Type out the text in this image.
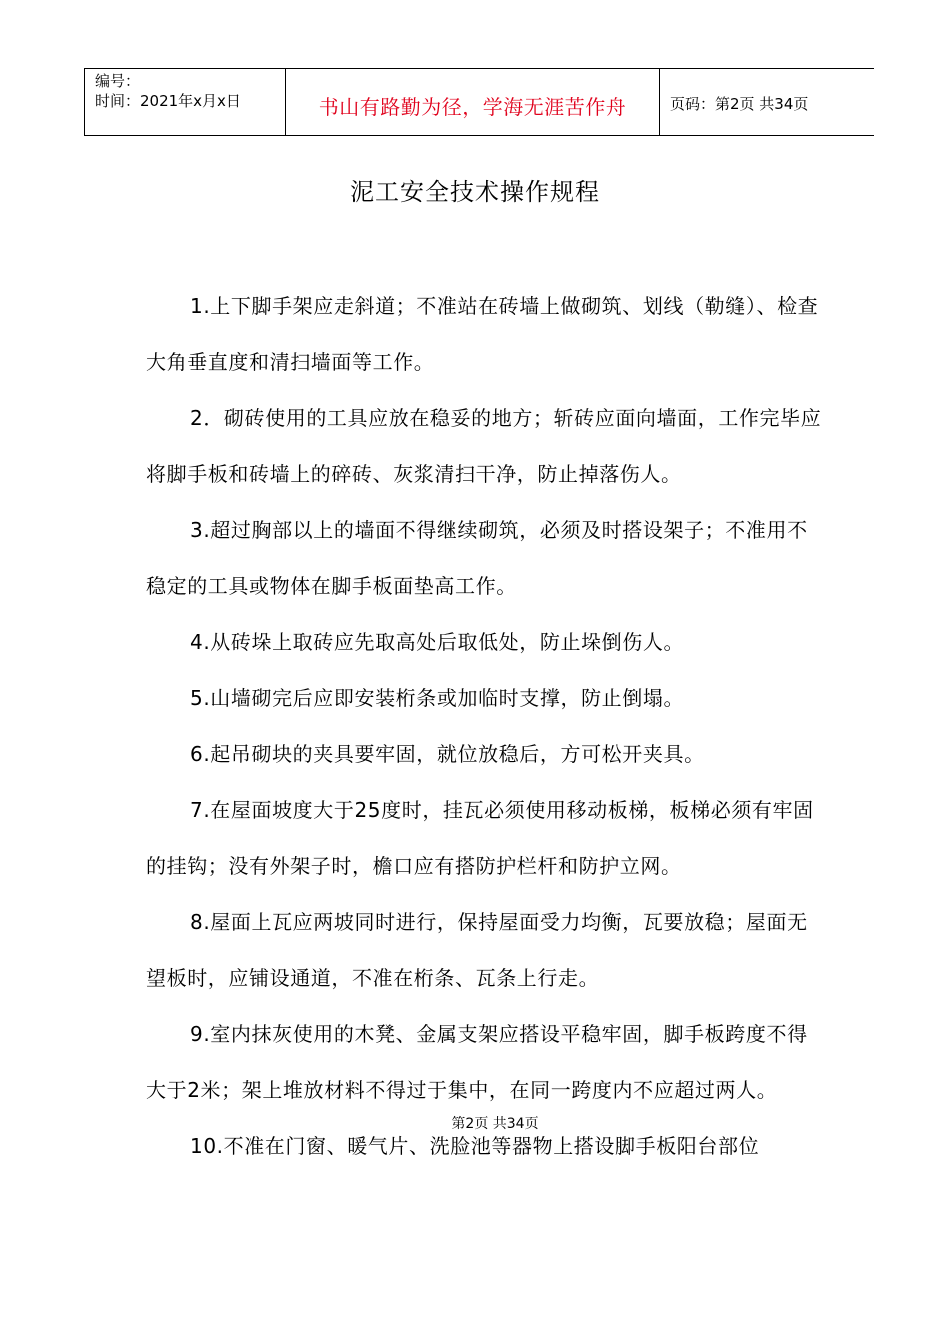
编号：
时间：2021年x月x日	书山有路勤为径，学海无涯苦作舟	页码：第2页 共34页
泥工安全技术操作规程

1.上下脚手架应走斜道；不准站在砖墙上做砌筑、划线（勒缝）、检查大角垂直度和清扫墙面等工作。

2．砌砖使用的工具应放在稳妥的地方；斩砖应面向墙面，工作完毕应将脚手板和砖墙上的碎砖、灰浆清扫干净，防止掉落伤人。

3.超过胸部以上的墙面不得继续砌筑，必须及时搭设架子；不准用不稳定的工具或物体在脚手板面垫高工作。

4.从砖垛上取砖应先取高处后取低处，防止垛倒伤人。

5.山墙砌完后应即安装桁条或加临时支撑，防止倒塌。

6.起吊砌块的夹具要牢固，就位放稳后，方可松开夹具。

7.在屋面坡度大于25度时，挂瓦必须使用移动板梯，板梯必须有牢固的挂钩；没有外架子时，檐口应有搭防护栏杆和防护立网。

8.屋面上瓦应两坡同时进行，保持屋面受力均衡，瓦要放稳；屋面无望板时，应铺设通道，不准在桁条、瓦条上行走。

9.室内抹灰使用的木凳、金属支架应搭设平稳牢固，脚手板跨度不得大于2米；架上堆放材料不得过于集中，在同一跨度内不应超过两人。

10.不准在门窗、暖气片、洗脸池等器物上搭设脚手板阳台部位

第2页 共34页
